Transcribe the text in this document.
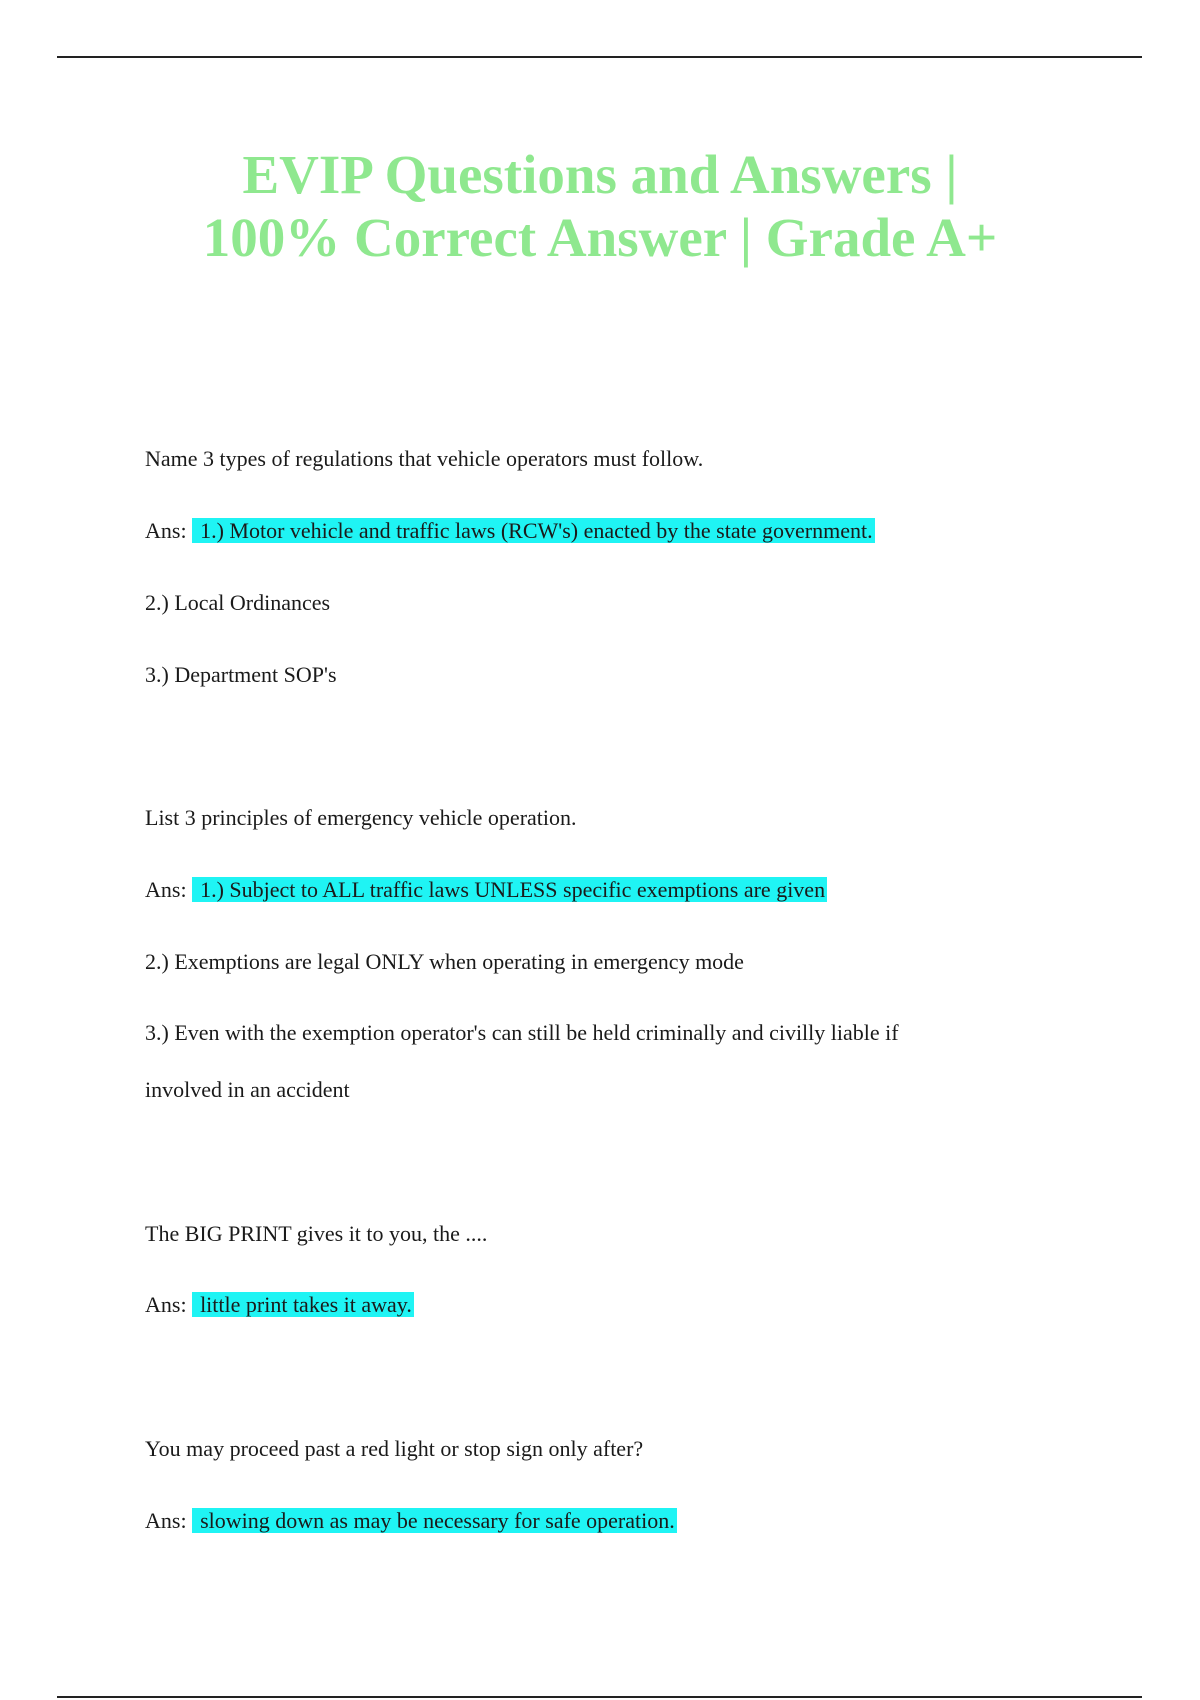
EVIP Questions and Answers |
100% Correct Answer | Grade A+

Name 3 types of regulations that vehicle operators must follow.

Ans: 1.) Motor vehicle and traffic laws (RCW's) enacted by the state government.

2.) Local Ordinances

3.) Department SOP's

List 3 principles of emergency vehicle operation.

Ans: 1.) Subject to ALL traffic laws UNLESS specific exemptions are given

2.) Exemptions are legal ONLY when operating in emergency mode

3.) Even with the exemption operator's can still be held criminally and civilly liable if

involved in an accident

The BIG PRINT gives it to you, the ....

Ans: little print takes it away.

You may proceed past a red light or stop sign only after?

Ans: slowing down as may be necessary for safe operation.
